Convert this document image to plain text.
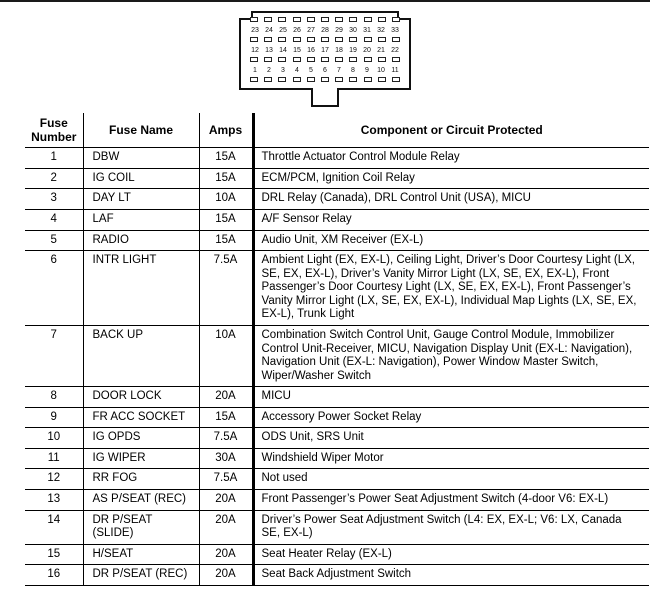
23 24 25 26 27 28 29 30 31 32 33
12 13 14 15 16 17 18 19 20 21 22
1	2	3	4	5	6	7	8	9	10 11
Fuse Number	Fuse Name	Amps	Component or Circuit Protected
1	DBW	15A	Throttle Actuator Control Module Relay
2	IG COIL	15A	ECM/PCM, Ignition Coil Relay
3	DAY LT	10A	DRL Relay (Canada), DRL Control Unit (USA), MICU
4	LAF	15A	A/F Sensor Relay
5	RADIO	15A	Audio Unit, XM Receiver (EX-L)
6	INTR LIGHT	7.5A	Ambient Light (EX, EX-L), Ceiling Light, Driver’s Door Courtesy Light (LX, SE, EX, EX-L), Driver’s Vanity Mirror Light (LX, SE, EX, EX-L), Front Passenger’s Door Courtesy Light (LX, SE, EX, EX-L), Front Passenger’s Vanity Mirror Light (LX, SE, EX, EX-L), Individual Map Lights (LX, SE, EX, EX-L), Trunk Light
7	BACK UP	10A	Combination Switch Control Unit, Gauge Control Module, Immobilizer Control Unit-Receiver, MICU, Navigation Display Unit (EX-L: Navigation), Navigation Unit (EX-L: Navigation), Power Window Master Switch, Wiper/Washer Switch
8	DOOR LOCK	20A	MICU
9	FR ACC SOCKET	15A	Accessory Power Socket Relay
10	IG OPDS	7.5A	ODS Unit, SRS Unit
11	IG WIPER	30A	Windshield Wiper Motor
12	RR FOG	7.5A	Not used
13	AS P/SEAT (REC)	20A	Front Passenger’s Power Seat Adjustment Switch (4-door V6: EX-L)
14	DR P/SEAT (SLIDE)	20A	Driver’s Power Seat Adjustment Switch (L4: EX, EX-L; V6: LX, Canada SE, EX-L)
15	H/SEAT	20A	Seat Heater Relay (EX-L)
16	DR P/SEAT (REC)	20A	Seat Back Adjustment Switch
